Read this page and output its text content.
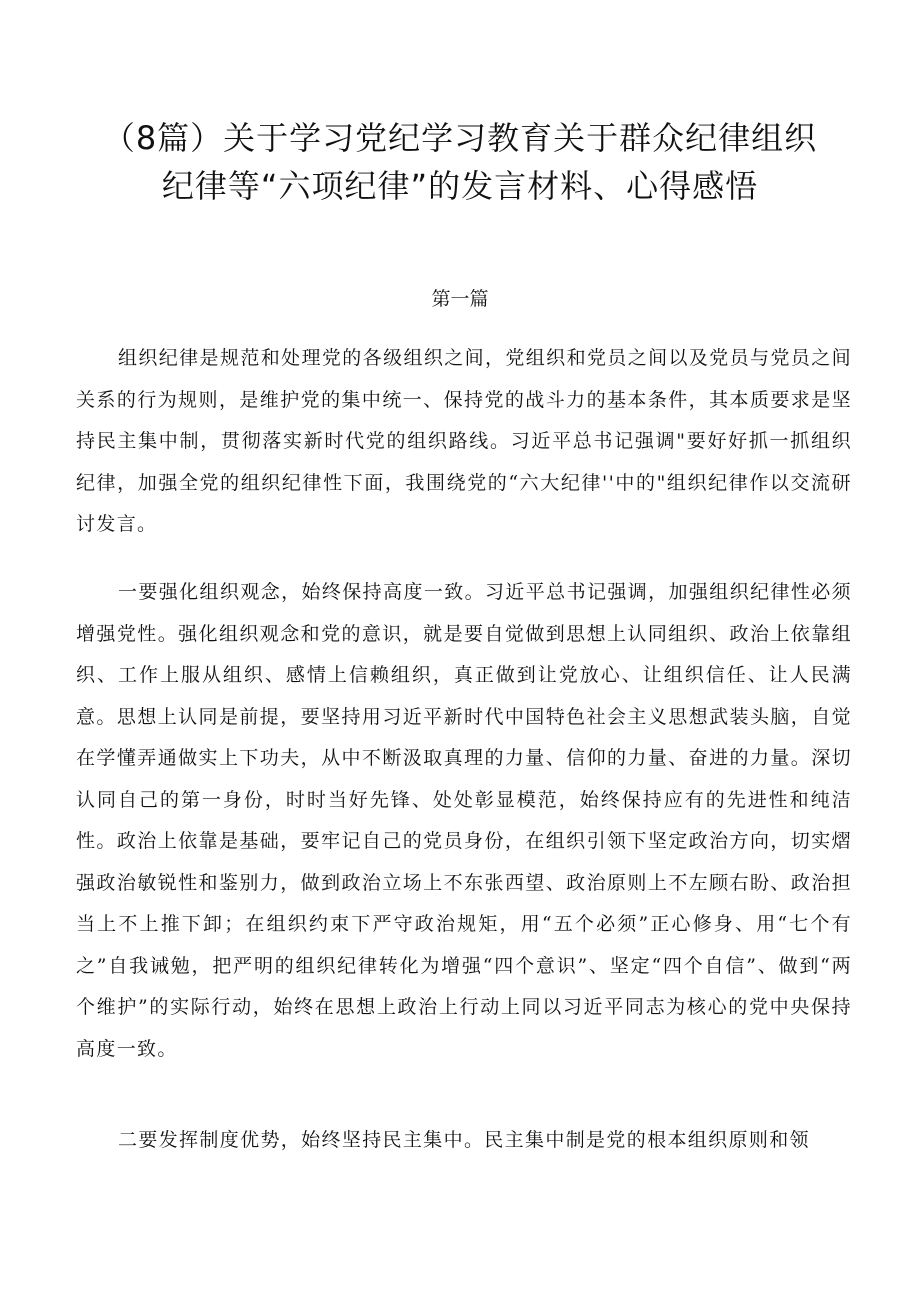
（8篇）关于学习党纪学习教育关于群众纪律组织
纪律等“六项纪律”的发言材料、心得感悟
第一篇

组织纪律是规范和处理党的各级组织之间，党组织和党员之间以及党员与党员之间关系的行为规则，是维护党的集中统一、保持党的战斗力的基本条件，其本质要求是坚持民主集中制，贯彻落实新时代党的组织路线。习近平总书记强调"要好好抓一抓组织纪律，加强全党的组织纪律性下面，我围绕党的“六大纪律''中的"组织纪律作以交流研讨发言。

一要强化组织观念，始终保持高度一致。习近平总书记强调，加强组织纪律性必须增强党性。强化组织观念和党的意识，就是要自觉做到思想上认同组织、政治上依靠组织、工作上服从组织、感情上信赖组织，真正做到让党放心、让组织信任、让人民满意。思想上认同是前提，要坚持用习近平新时代中国特色社会主义思想武装头脑，自觉在学懂弄通做实上下功夫，从中不断汲取真理的力量、信仰的力量、奋进的力量。深切认同自己的第一身份，时时当好先锋、处处彰显模范，始终保持应有的先进性和纯洁性。政治上依靠是基础，要牢记自己的党员身份，在组织引领下坚定政治方向，切实熠强政治敏锐性和鉴别力，做到政治立场上不东张西望、政治原则上不左顾右盼、政治担当上不上推下卸；在组织约束下严守政治规矩，用“五个必须”正心修身、用“七个有之”自我诫勉，把严明的组织纪律转化为增强“四个意识”、坚定“四个自信”、做到“两个维护”的实际行动，始终在思想上政治上行动上同以习近平同志为核心的党中央保持高度一致。

二要发挥制度优势，始终坚持民主集中。民主集中制是党的根本组织原则和领
